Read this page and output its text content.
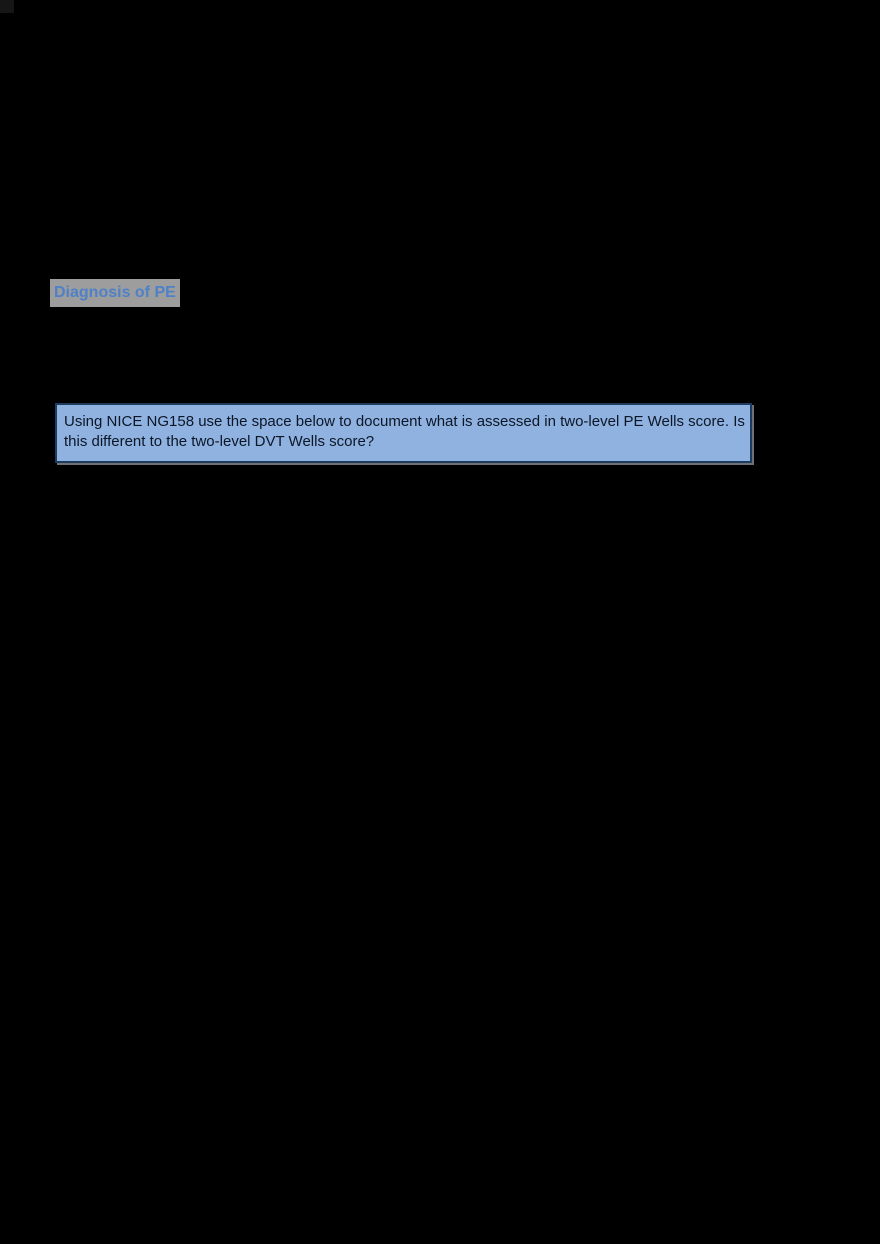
Diagnosis of PE
Using NICE NG158 use the space below to document what is assessed in two-level PE Wells score. Is
this different to the two-level DVT Wells score?
